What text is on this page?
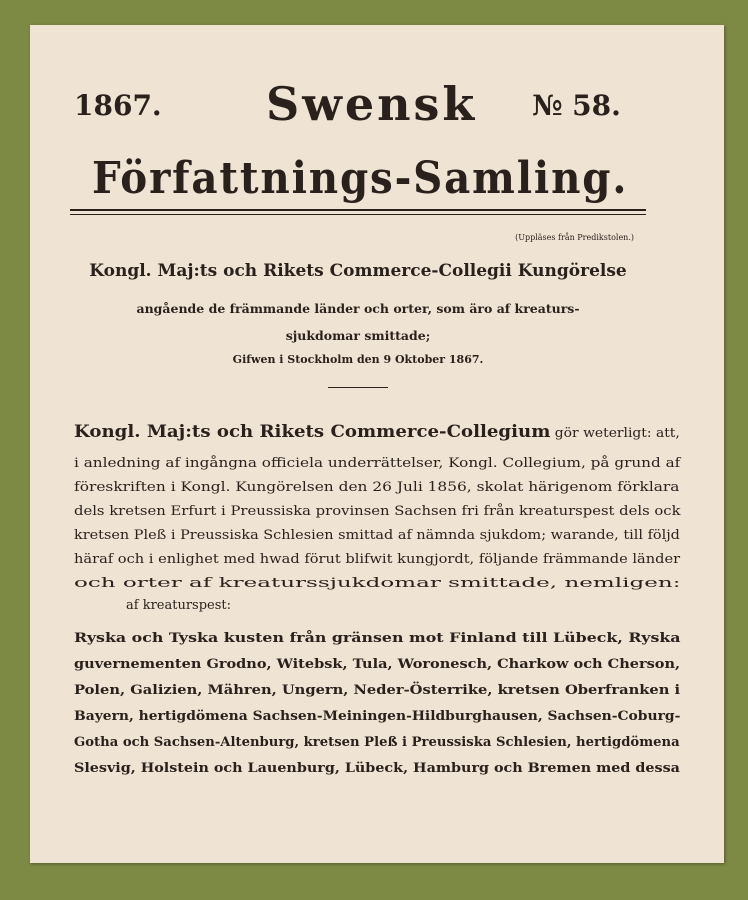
1867. Swensk № 58.
Författnings-Samling.
(Uppläses från Predikstolen.)
Kongl. Maj:ts och Rikets Commerce-Collegii Kungörelse
angående de främmande länder och orter, som äro af kreaturs-
sjukdomar smittade;
Gifwen i Stockholm den 9 Oktober 1867.
Kongl. Maj:ts och Rikets Commerce-Collegium gör weterligt: att,
i anledning af ingångna officiela underrättelser, Kongl. Collegium, på grund af
föreskriften i Kongl. Kungörelsen den 26 Juli 1856, skolat härigenom förklara
dels kretsen Erfurt i Preussiska provinsen Sachsen fri från kreaturspest dels ock
kretsen Pleß i Preussiska Schlesien smittad af nämnda sjukdom; warande, till följd
häraf och i enlighet med hwad förut blifwit kungjordt, följande främmande länder
och orter af kreaturssjukdomar smittade, nemligen:
af kreaturspest:
Ryska och Tyska kusten från gränsen mot Finland till Lübeck, Ryska
guvernementen Grodno, Witebsk, Tula, Woronesch, Charkow och Cherson,
Polen, Galizien, Mähren, Ungern, Neder-Österrike, kretsen Oberfranken i
Bayern, hertigdömena Sachsen-Meiningen-Hildburghausen, Sachsen-Coburg-
Gotha och Sachsen-Altenburg, kretsen Pleß i Preussiska Schlesien, hertigdömena
Slesvig, Holstein och Lauenburg, Lübeck, Hamburg och Bremen med dessa
